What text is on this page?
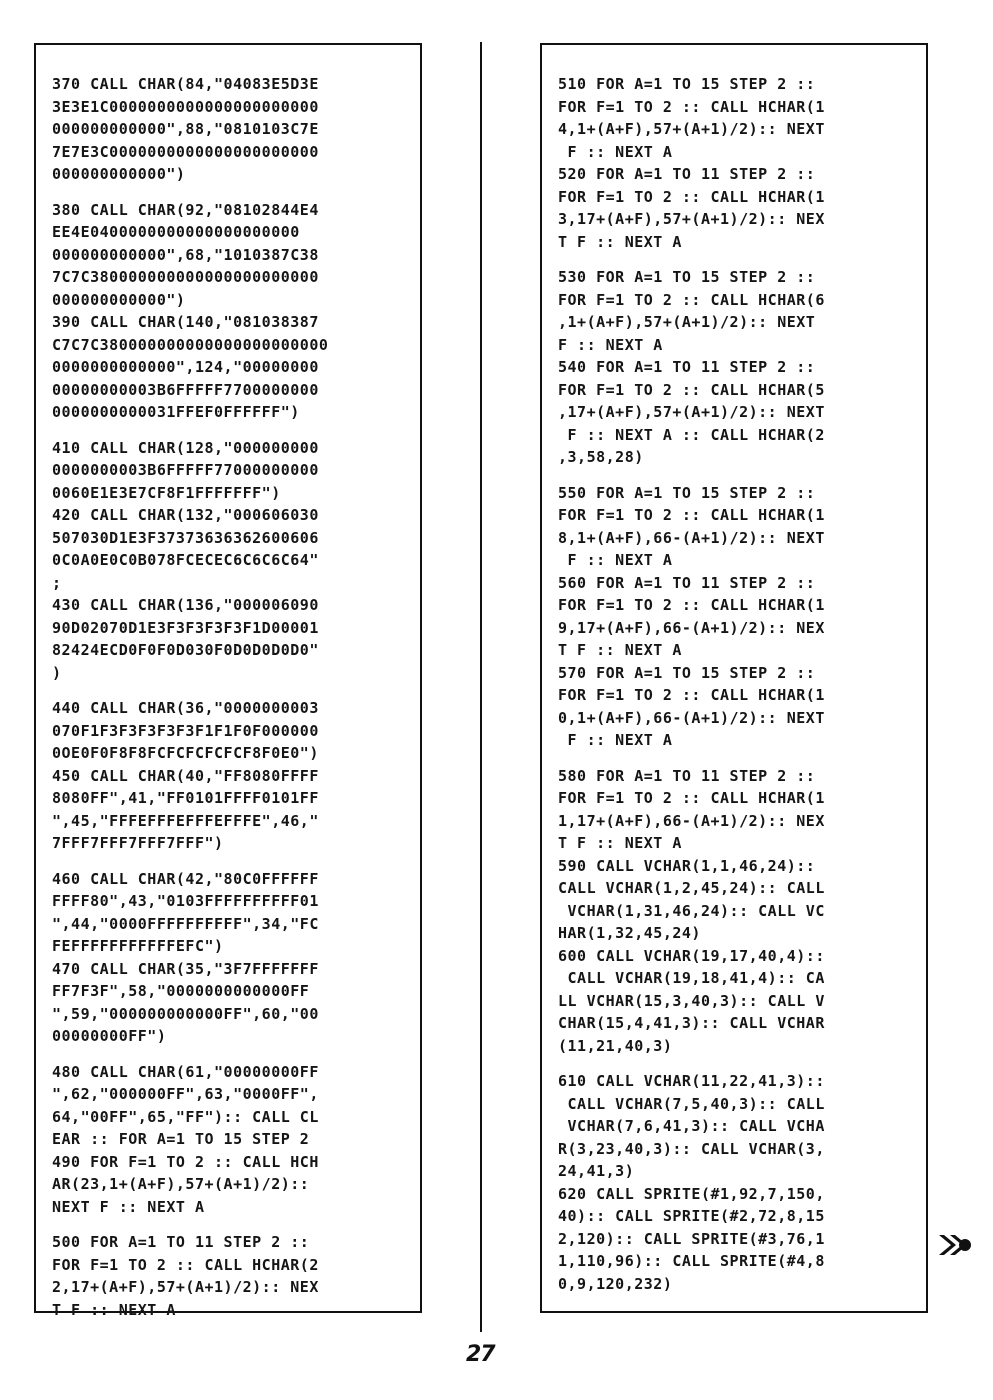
370 CALL CHAR(84,"04083E5D3E
3E3E1C0000000000000000000000
000000000000",88,"0810103C7E
7E7E3C0000000000000000000000
000000000000")
380 CALL CHAR(92,"08102844E4
EE4E0400000000000000000000
000000000000",68,"1010387C38
7C7C380000000000000000000000
000000000000")
390 CALL CHAR(140,"081038387
C7C7C380000000000000000000000
0000000000000",124,"00000000
00000000003B6FFFFF7700000000
0000000000031FFEF0FFFFFF")
410 CALL CHAR(128,"000000000
0000000003B6FFFFF77000000000
0060E1E3E7CF8F1FFFFFFF")
420 CALL CHAR(132,"000606030
507030D1E3F37373636362600606
0C0A0E0C0B078FCECEC6C6C6C64"
;
430 CALL CHAR(136,"000006090
90D02070D1E3F3F3F3F3F1D00001
82424ECD0F0F0D030F0D0D0D0D0"
)
440 CALL CHAR(36,"0000000003
070F1F3F3F3F3F3F1F1F0F000000
0OE0F0F8F8FCFCFCFCFCF8F0E0")
450 CALL CHAR(40,"FF8080FFFF
8080FF",41,"FF0101FFFF0101FF
",45,"FFFEFFFEFFFEFFFE",46,"
7FFF7FFF7FFF7FFF")
460 CALL CHAR(42,"80C0FFFFFF
FFFF80",43,"0103FFFFFFFFFF01
",44,"0000FFFFFFFFFF",34,"FC
FEFFFFFFFFFFFEFC")
470 CALL CHAR(35,"3F7FFFFFFF
FF7F3F",58,"0000000000000FF
",59,"000000000000FF",60,"00
00000000FF")
480 CALL CHAR(61,"00000000FF
",62,"000000FF",63,"0000FF",
64,"00FF",65,"FF"):: CALL CL
EAR :: FOR A=1 TO 15 STEP 2
490 FOR F=1 TO 2 :: CALL HCH
AR(23,1+(A+F),57+(A+1)/2)::
NEXT F :: NEXT A
500 FOR A=1 TO 11 STEP 2 ::
FOR F=1 TO 2 :: CALL HCHAR(2
2,17+(A+F),57+(A+1)/2):: NEX
T F :: NEXT A
510 FOR A=1 TO 15 STEP 2 ::
FOR F=1 TO 2 :: CALL HCHAR(1
4,1+(A+F),57+(A+1)/2):: NEXT
F :: NEXT A
520 FOR A=1 TO 11 STEP 2 ::
FOR F=1 TO 2 :: CALL HCHAR(1
3,17+(A+F),57+(A+1)/2):: NEX
T F :: NEXT A
530 FOR A=1 TO 15 STEP 2 ::
FOR F=1 TO 2 :: CALL HCHAR(6
,1+(A+F),57+(A+1)/2):: NEXT
F :: NEXT A
540 FOR A=1 TO 11 STEP 2 ::
FOR F=1 TO 2 :: CALL HCHAR(5
,17+(A+F),57+(A+1)/2):: NEXT
F :: NEXT A :: CALL HCHAR(2
,3,58,28)
550 FOR A=1 TO 15 STEP 2 ::
FOR F=1 TO 2 :: CALL HCHAR(1
8,1+(A+F),66-(A+1)/2):: NEXT
F :: NEXT A
560 FOR A=1 TO 11 STEP 2 ::
FOR F=1 TO 2 :: CALL HCHAR(1
9,17+(A+F),66-(A+1)/2):: NEX
T F :: NEXT A
570 FOR A=1 TO 15 STEP 2 ::
FOR F=1 TO 2 :: CALL HCHAR(1
0,1+(A+F),66-(A+1)/2):: NEXT
F :: NEXT A
580 FOR A=1 TO 11 STEP 2 ::
FOR F=1 TO 2 :: CALL HCHAR(1
1,17+(A+F),66-(A+1)/2):: NEX
T F :: NEXT A
590 CALL VCHAR(1,1,46,24)::
CALL VCHAR(1,2,45,24):: CALL
VCHAR(1,31,46,24):: CALL VC
HAR(1,32,45,24)
600 CALL VCHAR(19,17,40,4)::
CALL VCHAR(19,18,41,4):: CA
LL VCHAR(15,3,40,3):: CALL V
CHAR(15,4,41,3):: CALL VCHAR
(11,21,40,3)
610 CALL VCHAR(11,22,41,3)::
CALL VCHAR(7,5,40,3):: CALL
VCHAR(7,6,41,3):: CALL VCHA
R(3,23,40,3):: CALL VCHAR(3,
24,41,3)
620 CALL SPRITE(#1,92,7,150,
40):: CALL SPRITE(#2,72,8,15
2,120):: CALL SPRITE(#3,76,1
1,110,96):: CALL SPRITE(#4,8
0,9,120,232)
27
